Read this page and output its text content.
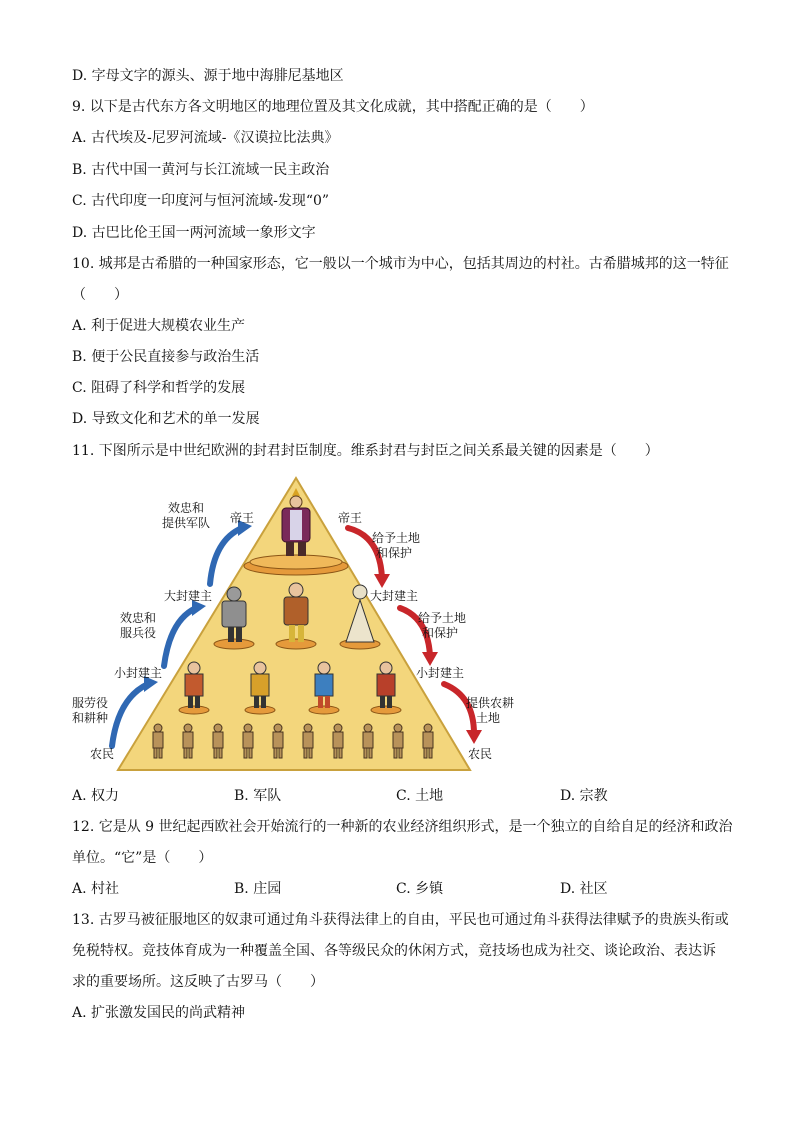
D. 字母文字的源头、源于地中海腓尼基地区
9. 以下是古代东方各文明地区的地理位置及其文化成就，其中搭配正确的是（　　）
A. 古代埃及-尼罗河流域-《汉谟拉比法典》
B. 古代中国一黄河与长江流域一民主政治
C. 古代印度一印度河与恒河流域-发现“0”
D. 古巴比伦王国一两河流域一象形文字
10. 城邦是古希腊的一种国家形态，它一般以一个城市为中心，包括其周边的村社。古希腊城邦的这一特征
（　　）
A. 利于促进大规模农业生产
B. 便于公民直接参与政治生活
C. 阻碍了科学和哲学的发展
D. 导致文化和艺术的单一发展
11. 下图所示是中世纪欧洲的封君封臣制度。维系封君与封臣之间关系最关键的因素是（　　）
帝王
效忠和
提供军队
大封建主
效忠和
服兵役
小封建主
服劳役
和耕种
农民
帝王
给予土地
和保护
大封建主
给予土地
和保护
小封建主
提供农耕
土地
农民
A. 权力	B. 军队	C. 土地	D. 宗教
12. 它是从 9 世纪起西欧社会开始流行的一种新的农业经济组织形式，是一个独立的自给自足的经济和政治
单位。“它”是（　　）
A. 村社	B. 庄园	C. 乡镇	D. 社区
13. 古罗马被征服地区的奴隶可通过角斗获得法律上的自由，平民也可通过角斗获得法律赋予的贵族头衔或
免税特权。竞技体育成为一种覆盖全国、各等级民众的休闲方式，竞技场也成为社交、谈论政治、表达诉
求的重要场所。这反映了古罗马（　　）
A. 扩张激发国民的尚武精神
